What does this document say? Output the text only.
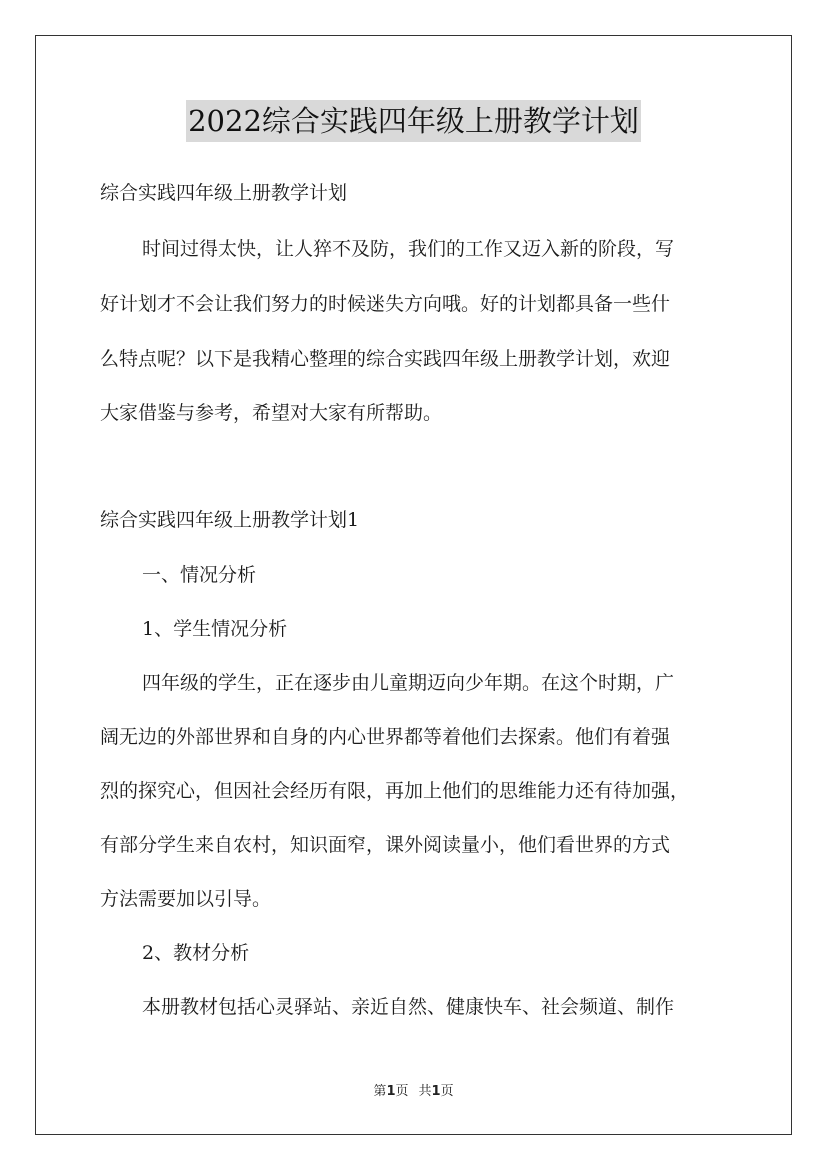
2022综合实践四年级上册教学计划
综合实践四年级上册教学计划
时间过得太快，让人猝不及防，我们的工作又迈入新的阶段，写
好计划才不会让我们努力的时候迷失方向哦。好的计划都具备一些什
么特点呢？以下是我精心整理的综合实践四年级上册教学计划，欢迎
大家借鉴与参考，希望对大家有所帮助。
综合实践四年级上册教学计划1
一、情况分析
1、学生情况分析
四年级的学生，正在逐步由儿童期迈向少年期。在这个时期，广
阔无边的外部世界和自身的内心世界都等着他们去探索。他们有着强
烈的探究心，但因社会经历有限，再加上他们的思维能力还有待加强，
有部分学生来自农村，知识面窄，课外阅读量小，他们看世界的方式
方法需要加以引导。
2、教材分析
本册教材包括心灵驿站、亲近自然、健康快车、社会频道、制作
第1页 共1页
